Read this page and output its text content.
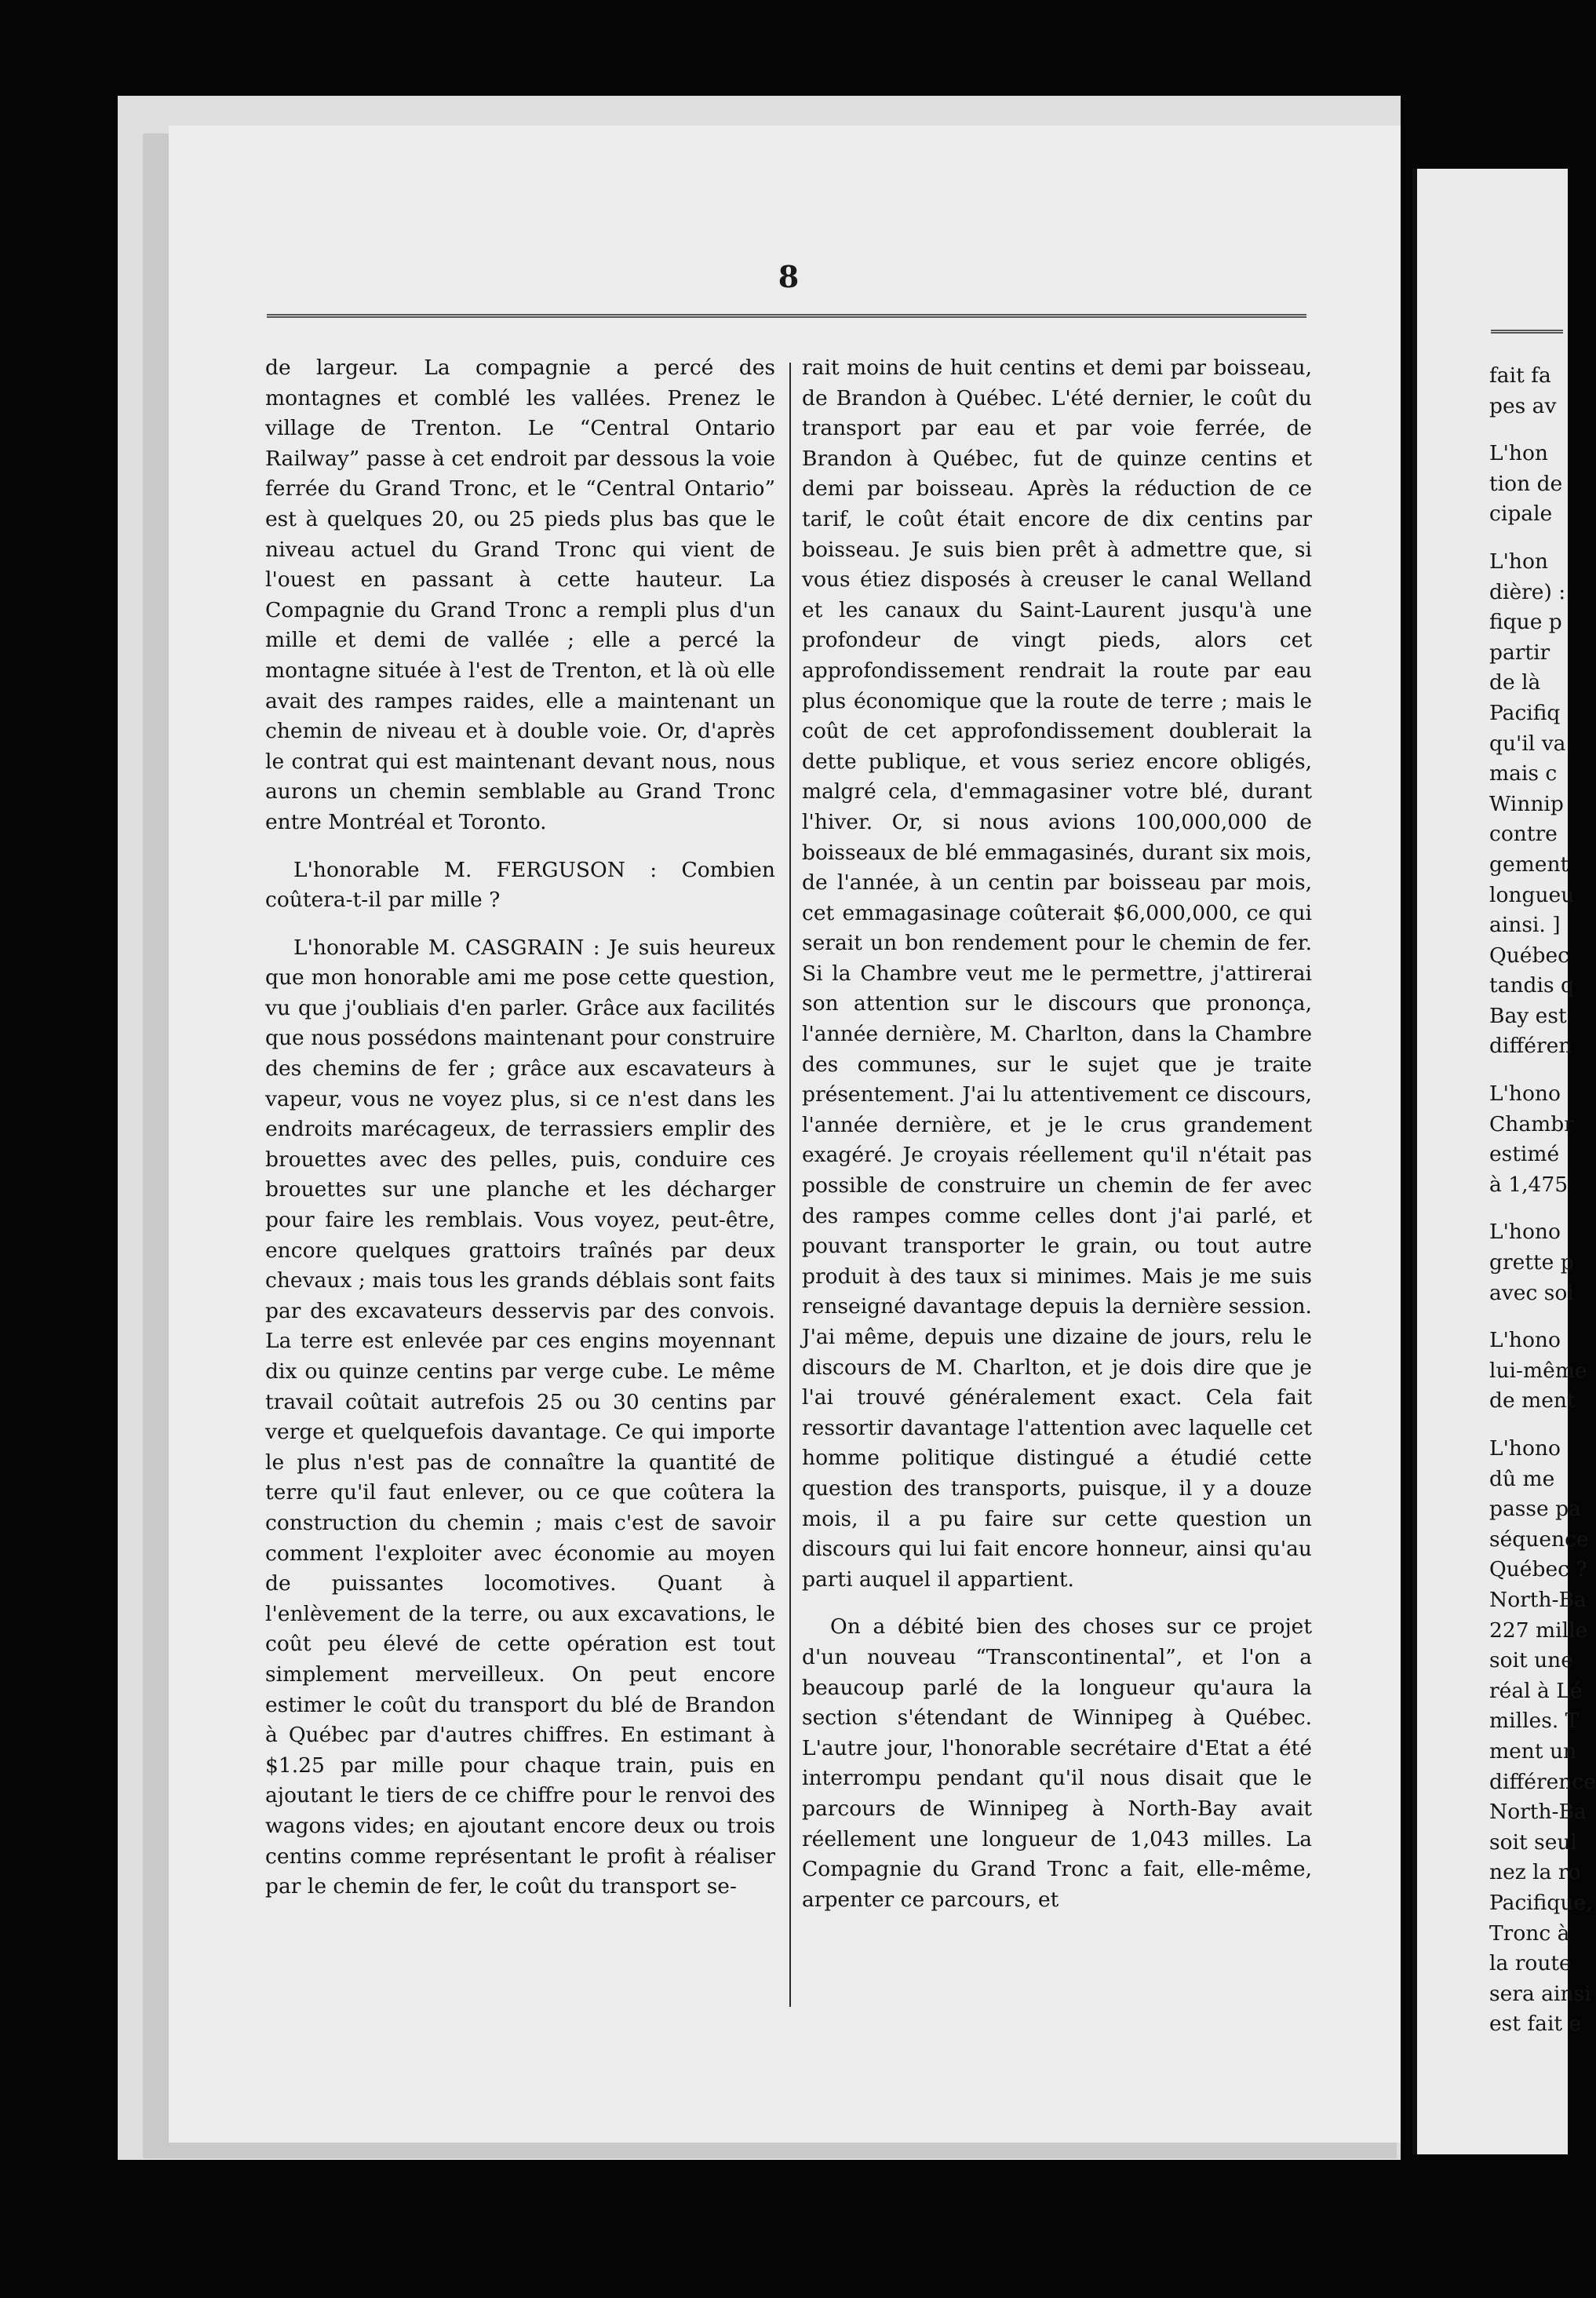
8

de largeur. La compagnie a percé des montagnes et comblé les vallées. Prenez le village de Trenton. Le “Central Ontario Railway” passe à cet endroit par dessous la voie ferrée du Grand Tronc, et le “Central Ontario” est à quelques 20, ou 25 pieds plus bas que le niveau actuel du Grand Tronc qui vient de l'ouest en passant à cette hauteur. La Compagnie du Grand Tronc a rempli plus d'un mille et demi de vallée ; elle a percé la montagne située à l'est de Trenton, et là où elle avait des rampes raides, elle a maintenant un chemin de niveau et à double voie. Or, d'après le contrat qui est maintenant devant nous, nous aurons un chemin semblable au Grand Tronc entre Montréal et Toronto.

L'honorable M. FERGUSON : Combien coûtera-t-il par mille ?

L'honorable M. CASGRAIN : Je suis heureux que mon honorable ami me pose cette question, vu que j'oubliais d'en parler. Grâce aux facilités que nous possédons maintenant pour construire des chemins de fer ; grâce aux escavateurs à vapeur, vous ne voyez plus, si ce n'est dans les endroits marécageux, de terrassiers emplir des brouettes avec des pelles, puis, conduire ces brouettes sur une planche et les décharger pour faire les remblais. Vous voyez, peut-être, encore quelques grattoirs traînés par deux chevaux ; mais tous les grands déblais sont faits par des excavateurs desservis par des convois. La terre est enlevée par ces engins moyennant dix ou quinze centins par verge cube. Le même travail coûtait autrefois 25 ou 30 centins par verge et quelquefois davantage. Ce qui importe le plus n'est pas de connaître la quantité de terre qu'il faut enlever, ou ce que coûtera la construction du chemin ; mais c'est de savoir comment l'exploiter avec économie au moyen de puissantes locomotives. Quant à l'enlèvement de la terre, ou aux excavations, le coût peu élevé de cette opération est tout simplement merveilleux. On peut encore estimer le coût du transport du blé de Brandon à Québec par d'autres chiffres. En estimant à $1.25 par mille pour chaque train, puis en ajoutant le tiers de ce chiffre pour le renvoi des wagons vides; en ajoutant encore deux ou trois centins comme représentant le profit à réaliser par le chemin de fer, le coût du transport se-

rait moins de huit centins et demi par boisseau, de Brandon à Québec. L'été dernier, le coût du transport par eau et par voie ferrée, de Brandon à Québec, fut de quinze centins et demi par boisseau. Après la réduction de ce tarif, le coût était encore de dix centins par boisseau. Je suis bien prêt à admettre que, si vous étiez disposés à creuser le canal Welland et les canaux du Saint-Laurent jusqu'à une profondeur de vingt pieds, alors cet approfondissement rendrait la route par eau plus économique que la route de terre ; mais le coût de cet approfondissement doublerait la dette publique, et vous seriez encore obligés, malgré cela, d'emmagasiner votre blé, durant l'hiver. Or, si nous avions 100,000,000 de boisseaux de blé emmagasinés, durant six mois, de l'année, à un centin par boisseau par mois, cet emmagasinage coûterait $6,000,000, ce qui serait un bon rendement pour le chemin de fer. Si la Chambre veut me le permettre, j'attirerai son attention sur le discours que prononça, l'année dernière, M. Charlton, dans la Chambre des communes, sur le sujet que je traite présentement. J'ai lu attentivement ce discours, l'année dernière, et je le crus grandement exagéré. Je croyais réellement qu'il n'était pas possible de construire un chemin de fer avec des rampes comme celles dont j'ai parlé, et pouvant transporter le grain, ou tout autre produit à des taux si minimes. Mais je me suis renseigné davantage depuis la dernière session. J'ai même, depuis une dizaine de jours, relu le discours de M. Charlton, et je dois dire que je l'ai trouvé généralement exact. Cela fait ressortir davantage l'attention avec laquelle cet homme politique distingué a étudié cette question des transports, puisque, il y a douze mois, il a pu faire sur cette question un discours qui lui fait encore honneur, ainsi qu'au parti auquel il appartient.

On a débité bien des choses sur ce projet d'un nouveau “Transcontinental”, et l'on a beaucoup parlé de la longueur qu'aura la section s'étendant de Winnipeg à Québec. L'autre jour, l'honorable secrétaire d'Etat a été interrompu pendant qu'il nous disait que le parcours de Winnipeg à North-Bay avait réellement une longueur de 1,043 milles. La Compagnie du Grand Tronc a fait, elle-même, arpenter ce parcours, et

fait fa
pes av
L'hon
tion de
cipale
L'hon
dière) :
fique p
partir
de là
Pacifiq
qu'il va
mais c
Winnip
contre
gement
longueu
ainsi. ]
Québec
tandis q
Bay est
différen
L'hono
Chambr
estimé
à 1,475
L'hono
grette p
avec soi
L'hono
lui-même
de ment
L'hono
dû me
passe pa
séquence
Québec ?
North-Ba
227 mille
soit une
réal à Lé
milles. T
ment un
différence
North-Ba
soit seul
nez la ro
Pacifique,
Tronc à
la route
sera ainsi
est fait e
